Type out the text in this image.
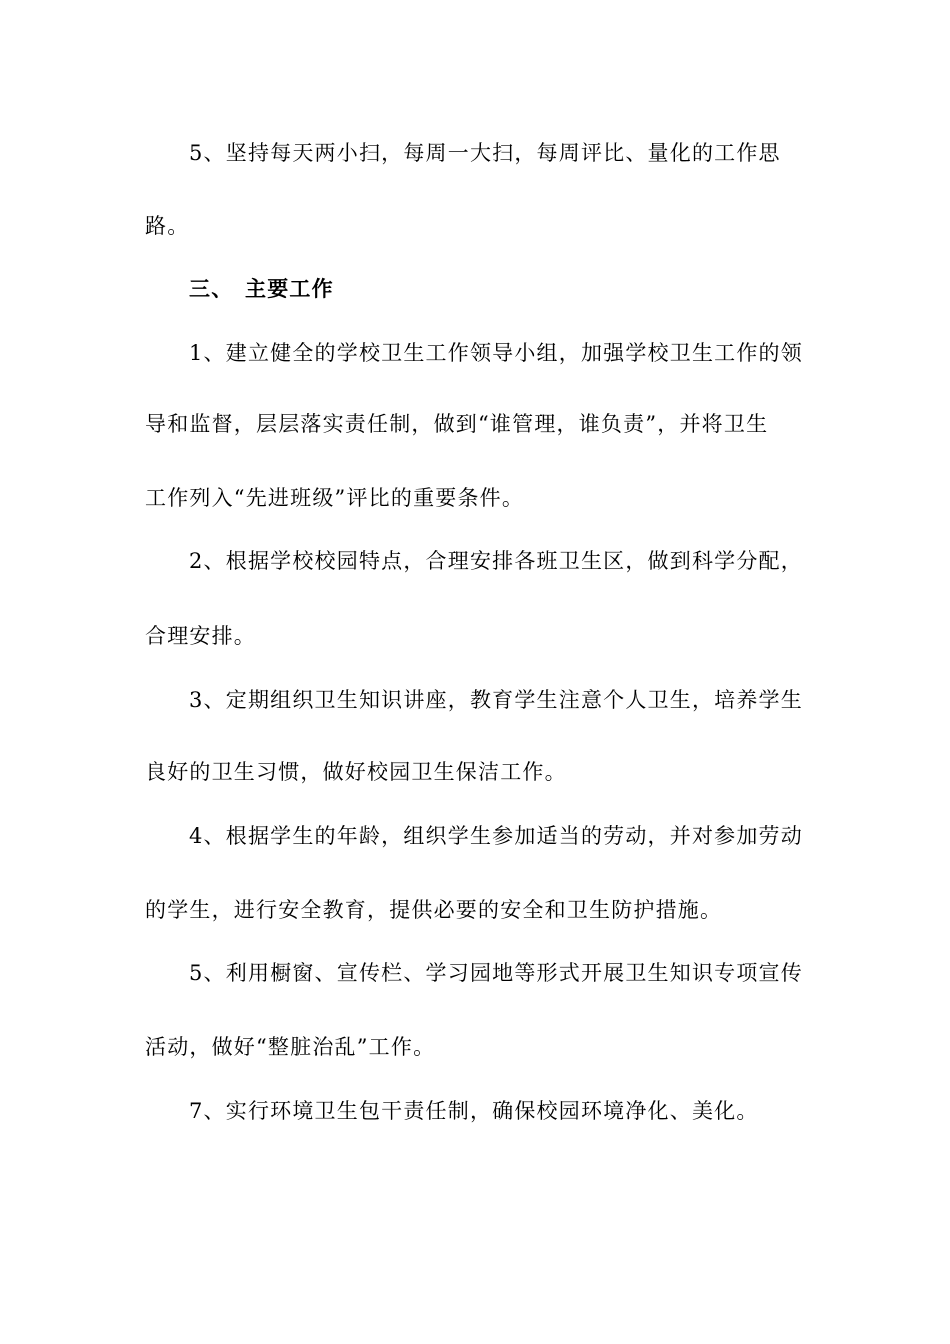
5、坚持每天两小扫，每周一大扫，每周评比、量化的工作思
路。
三、 主要工作
1、建立健全的学校卫生工作领导小组，加强学校卫生工作的领
导和监督，层层落实责任制，做到“谁管理，谁负责”，并将卫生
工作列入“先进班级”评比的重要条件。
2、根据学校校园特点，合理安排各班卫生区，做到科学分配，
合理安排。
3、定期组织卫生知识讲座，教育学生注意个人卫生，培养学生
良好的卫生习惯，做好校园卫生保洁工作。
4、根据学生的年龄，组织学生参加适当的劳动，并对参加劳动
的学生，进行安全教育，提供必要的安全和卫生防护措施。
5、利用橱窗、宣传栏、学习园地等形式开展卫生知识专项宣传
活动，做好“整脏治乱”工作。
7、实行环境卫生包干责任制，确保校园环境净化、美化。
